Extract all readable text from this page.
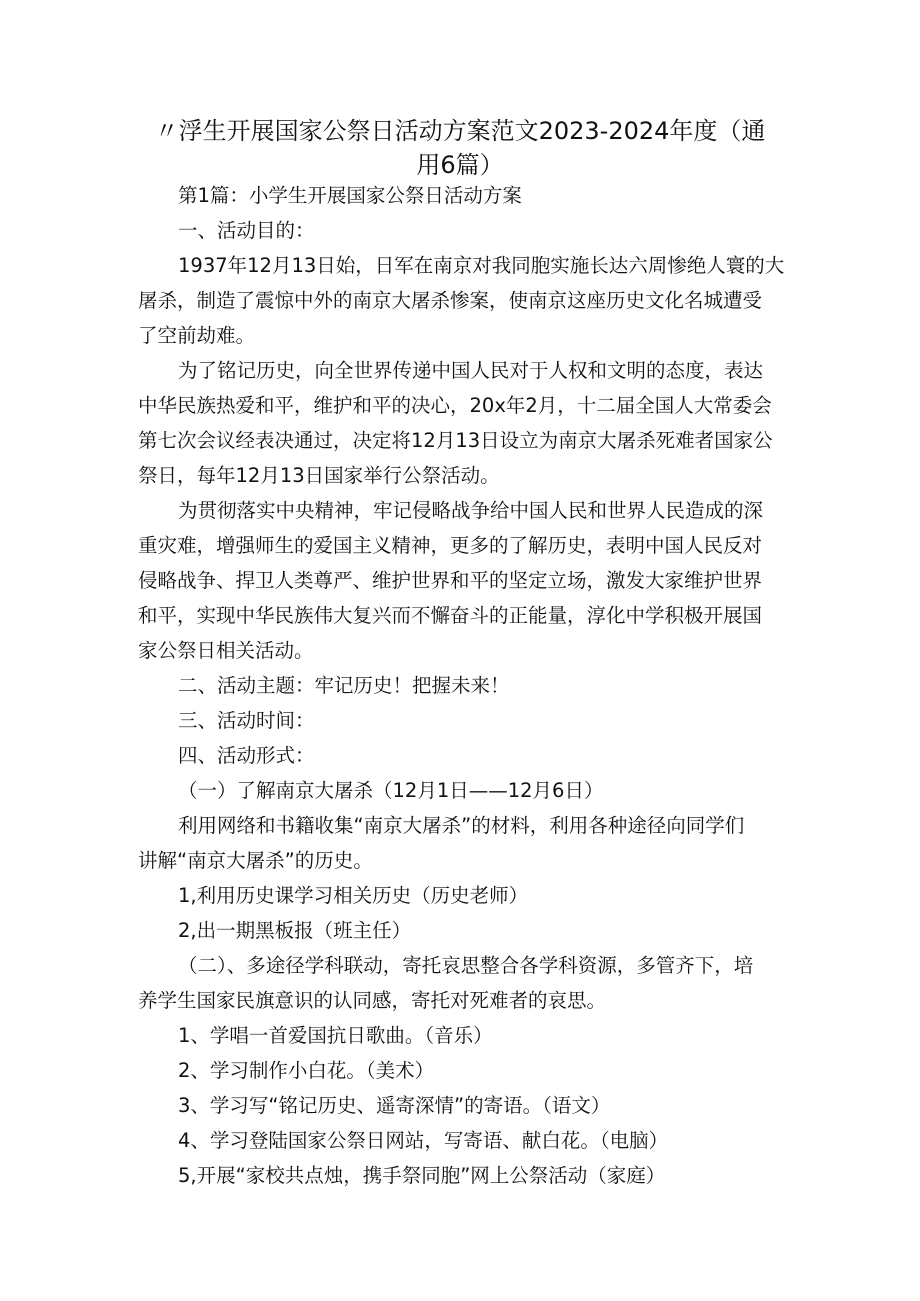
〃浮生开展国家公祭日活动方案范文2023-2024年度（通
用6篇）
第1篇：小学生开展国家公祭日活动方案
一、活动目的：
1937年12月13日始，日军在南京对我同胞实施长达六周惨绝人寰的大
屠杀，制造了震惊中外的南京大屠杀惨案，使南京这座历史文化名城遭受
了空前劫难。
为了铭记历史，向全世界传递中国人民对于人权和文明的态度，表达
中华民族热爱和平，维护和平的决心，20x年2月，十二届全国人大常委会
第七次会议经表决通过，决定将12月13日设立为南京大屠杀死难者国家公
祭日，每年12月13日国家举行公祭活动。
为贯彻落实中央精神，牢记侵略战争给中国人民和世界人民造成的深
重灾难，增强师生的爱国主义精神，更多的了解历史，表明中国人民反对
侵略战争、捍卫人类尊严、维护世界和平的坚定立场，激发大家维护世界
和平，实现中华民族伟大复兴而不懈奋斗的正能量，淳化中学积极开展国
家公祭日相关活动。
二、活动主题：牢记历史！把握未来！
三、活动时间：
四、活动形式：
（一）了解南京大屠杀（12月1日——12月6日）
利用网络和书籍收集“南京大屠杀”的材料，利用各种途径向同学们
讲解“南京大屠杀”的历史。
1,利用历史课学习相关历史（历史老师）
2,出一期黑板报（班主任）
（二）、多途径学科联动，寄托哀思整合各学科资源，多管齐下，培
养学生国家民旗意识的认同感，寄托对死难者的哀思。
1、学唱一首爱国抗日歌曲。（音乐）
2、学习制作小白花。（美术）
3、学习写“铭记历史、遥寄深情”的寄语。（语文）
4、学习登陆国家公祭日网站，写寄语、献白花。（电脑）
5,开展“家校共点烛，携手祭同胞”网上公祭活动（家庭）
